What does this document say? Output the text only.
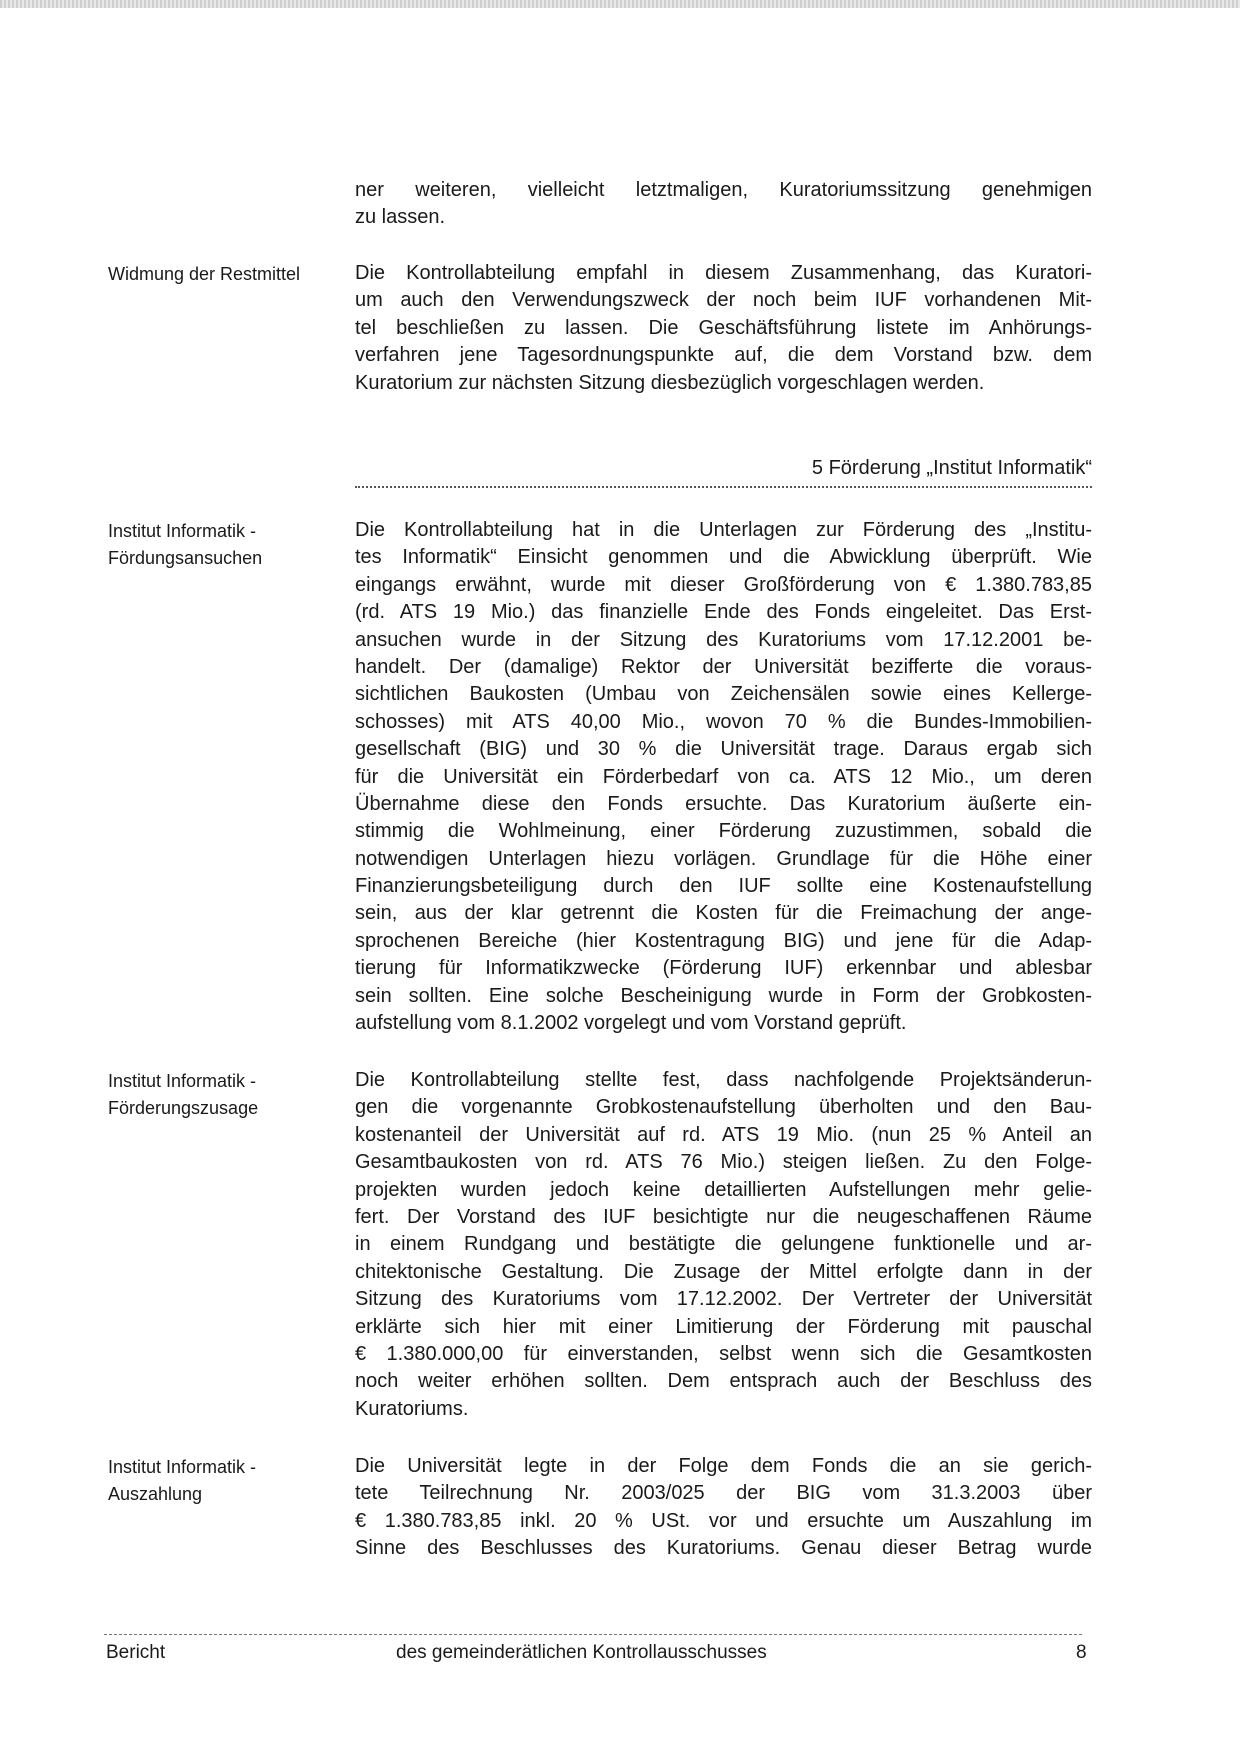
ner weiteren, vielleicht letztmaligen, Kuratoriumssitzung genehmigen
zu lassen.
Die Kontrollabteilung empfahl in diesem Zusammenhang, das Kuratori-
um auch den Verwendungszweck der noch beim IUF vorhandenen Mit-
tel beschließen zu lassen. Die Geschäftsführung listete im Anhörungs-
verfahren jene Tagesordnungspunkte auf, die dem Vorstand bzw. dem
Kuratorium zur nächsten Sitzung diesbezüglich vorgeschlagen werden.
Widmung der Restmittel
Die Kontrollabteilung hat in die Unterlagen zur Förderung des „Institu-
tes Informatik“ Einsicht genommen und die Abwicklung überprüft. Wie
eingangs erwähnt, wurde mit dieser Großförderung von € 1.380.783,85
(rd. ATS 19 Mio.) das finanzielle Ende des Fonds eingeleitet. Das Erst-
ansuchen wurde in der Sitzung des Kuratoriums vom 17.12.2001 be-
handelt. Der (damalige) Rektor der Universität bezifferte die voraus-
sichtlichen Baukosten (Umbau von Zeichensälen sowie eines Kellerge-
schosses) mit ATS 40,00 Mio., wovon 70 % die Bundes-Immobilien-
gesellschaft (BIG) und 30 % die Universität trage. Daraus ergab sich
für die Universität ein Förderbedarf von ca. ATS 12 Mio., um deren
Übernahme diese den Fonds ersuchte. Das Kuratorium äußerte ein-
stimmig die Wohlmeinung, einer Förderung zuzustimmen, sobald die
notwendigen Unterlagen hiezu vorlägen. Grundlage für die Höhe einer
Finanzierungsbeteiligung durch den IUF sollte eine Kostenaufstellung
sein, aus der klar getrennt die Kosten für die Freimachung der ange-
sprochenen Bereiche (hier Kostentragung BIG) und jene für die Adap-
tierung für Informatikzwecke (Förderung IUF) erkennbar und ablesbar
sein sollten. Eine solche Bescheinigung wurde in Form der Grobkosten-
aufstellung vom 8.1.2002 vorgelegt und vom Vorstand geprüft.
Institut Informatik -
Fördungsansuchen
Die Kontrollabteilung stellte fest, dass nachfolgende Projektsänderun-
gen die vorgenannte Grobkostenaufstellung überholten und den Bau-
kostenanteil der Universität auf rd. ATS 19 Mio. (nun 25 % Anteil an
Gesamtbaukosten von rd. ATS 76 Mio.) steigen ließen. Zu den Folge-
projekten wurden jedoch keine detaillierten Aufstellungen mehr gelie-
fert. Der Vorstand des IUF besichtigte nur die neugeschaffenen Räume
in einem Rundgang und bestätigte die gelungene funktionelle und ar-
chitektonische Gestaltung. Die Zusage der Mittel erfolgte dann in der
Sitzung des Kuratoriums vom 17.12.2002. Der Vertreter der Universität
erklärte sich hier mit einer Limitierung der Förderung mit pauschal
€ 1.380.000,00 für einverstanden, selbst wenn sich die Gesamtkosten
noch weiter erhöhen sollten. Dem entsprach auch der Beschluss des
Kuratoriums.
Institut Informatik -
Förderungszusage
Die Universität legte in der Folge dem Fonds die an sie gerich-
tete Teilrechnung Nr. 2003/025 der BIG vom 31.3.2003 über
€ 1.380.783,85 inkl. 20 % USt. vor und ersuchte um Auszahlung im
Sinne des Beschlusses des Kuratoriums. Genau dieser Betrag wurde
Institut Informatik -
Auszahlung
5 Förderung „Institut Informatik“
Bericht	des gemeinderätlichen Kontrollausschusses	8
